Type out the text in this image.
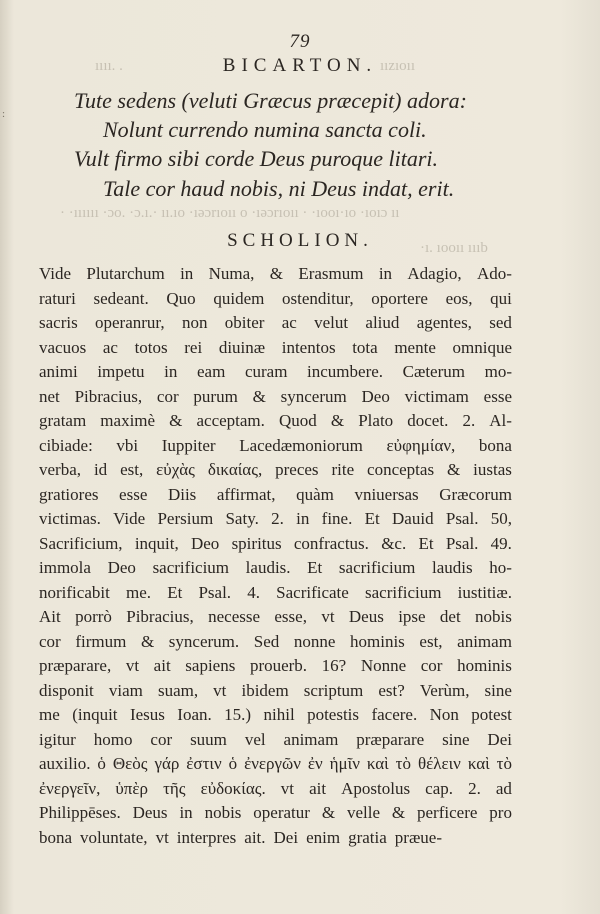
ıııı. .	ıızıoıı
· ·ıııııı ·ɔo. ·ɔ.ı.· ıı.ıo ·ıəɔrıoıı o ·ıəɔrıoıı · ·ıooı·ıo ·ıoıɔ ıı
·ı. ıooıı ıııb
:
79
BICARTON.
Tute sedens (veluti Græcus præcepit) adora:
Nolunt currendo numina sancta coli.
Vult firmo sibi corde Deus puroque litari.
Tale cor haud nobis, ni Deus indat, erit.
SCHOLION.
Vide Plutarchum in Numa, & Erasmum in Adagio, Ado-
raturi sedeant. Quo quidem ostenditur, oportere eos, qui
sacris operanrur, non obiter ac velut aliud agentes, sed
vacuos ac totos rei diuinæ intentos tota mente omnique
animi impetu in eam curam incumbere. Cæterum mo-
net Pibracius, cor purum & syncerum Deo victimam esse
gratam maximè & acceptam. Quod & Plato docet. 2. Al-
cibiade: vbi Iuppiter Lacedæmoniorum εὐφημίαν, bona
verba, id est, εὐχὰς δικαίας, preces rite conceptas & iustas
gratiores esse Diis affirmat, quàm vniuersas Græcorum
victimas. Vide Persium Saty. 2. in fine. Et Dauid Psal. 50,
Sacrificium, inquit, Deo spiritus confractus. &c. Et Psal. 49.
immola Deo sacrificium laudis. Et sacrificium laudis ho-
norificabit me. Et Psal. 4. Sacrificate sacrificium iustitiæ.
Ait porrò Pibracius, necesse esse, vt Deus ipse det nobis
cor firmum & syncerum. Sed nonne hominis est, animam
præparare, vt ait sapiens prouerb. 16? Nonne cor hominis
disponit viam suam, vt ibidem scriptum est? Verùm, sine
me (inquit Iesus Ioan. 15.) nihil potestis facere. Non potest
igitur homo cor suum vel animam præparare sine Dei
auxilio. ὁ Θεὸς γάρ ἐστιν ὁ ἐνεργῶν ἐν ἡμῖν καὶ τὸ θέλειν καὶ τὸ
ἐνεργεῖν, ὑπὲρ τῆς εὐδοκίας. vt ait Apostolus cap. 2. ad
Philippēses. Deus in nobis operatur & velle & perficere pro
bona voluntate, vt interpres ait. Dei enim gratia præue-
